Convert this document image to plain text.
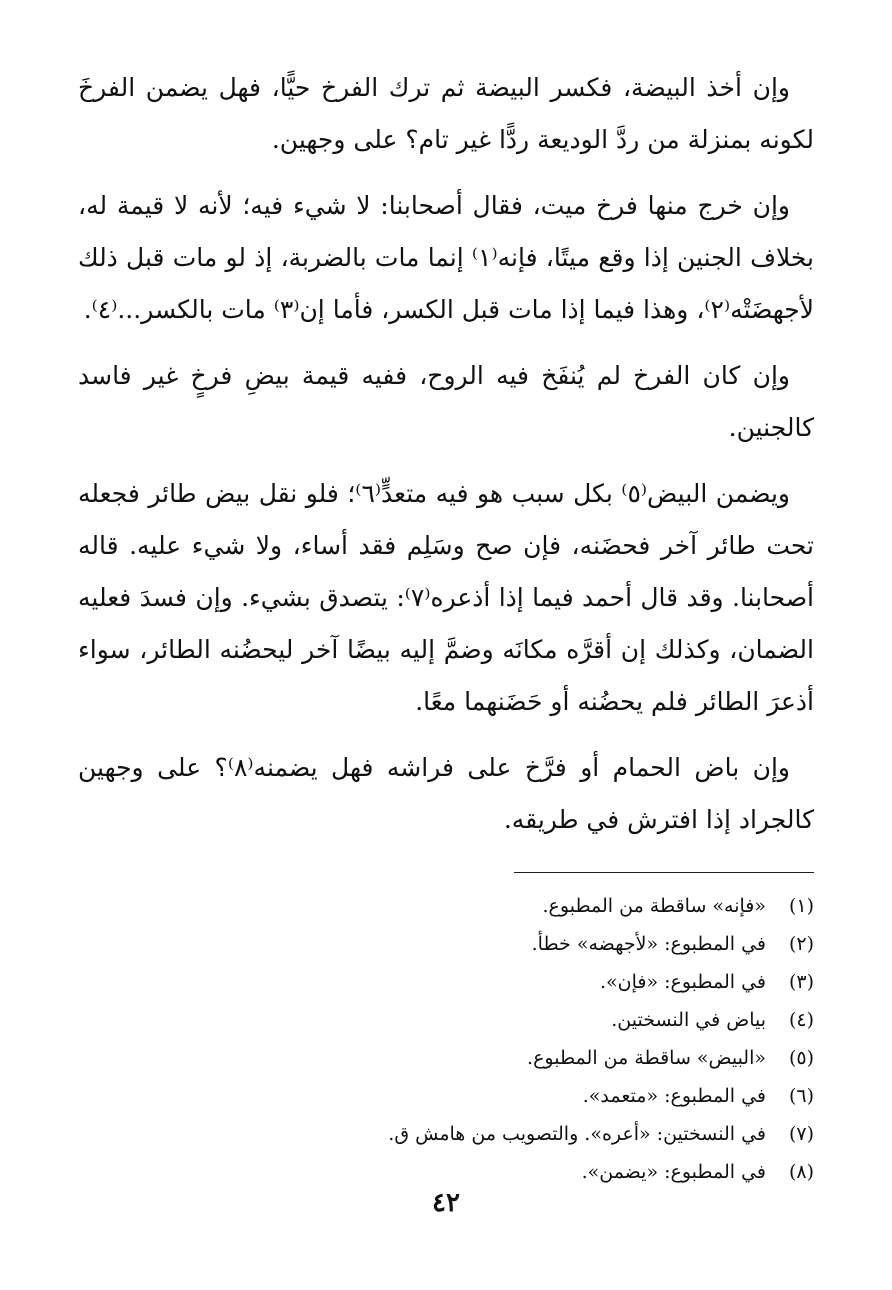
وإن أخذ البيضة، فكسر البيضة ثم ترك الفرخ حيًّا، فهل يضمن الفرخَ لكونه بمنزلة من ردَّ الوديعة ردًّا غير تام؟ على وجهين.

وإن خرج منها فرخ ميت، فقال أصحابنا: لا شيء فيه؛ لأنه لا قيمة له، بخلاف الجنين إذا وقع ميتًا، فإنه⁽١⁾ إنما مات بالضربة، إذ لو مات قبل ذلك لأجهضَتْه⁽٢⁾، وهذا فيما إذا مات قبل الكسر، فأما إن⁽٣⁾ مات بالكسر...⁽٤⁾.

وإن كان الفرخ لم يُنفَخ فيه الروح، ففيه قيمة بيضِ فرخٍ غير فاسد كالجنين.

ويضمن البيض⁽٥⁾ بكل سبب هو فيه متعدٍّ⁽٦⁾؛ فلو نقل بيض طائر فجعله تحت طائر آخر فحضَنه، فإن صح وسَلِم فقد أساء، ولا شيء عليه. قاله أصحابنا. وقد قال أحمد فيما إذا أذعره⁽٧⁾: يتصدق بشيء. وإن فسدَ فعليه الضمان، وكذلك إن أقرَّه مكانَه وضمَّ إليه بيضًا آخر ليحضُنه الطائر، سواء أذعرَ الطائر فلم يحضُنه أو حَضَنهما معًا.

وإن باض الحمام أو فرَّخ على فراشه فهل يضمنه⁽٨⁾؟ على وجهين كالجراد إذا افترش في طريقه.

(١)
«فإنه» ساقطة من المطبوع.
(٢)
في المطبوع: «لأجهضه» خطأ.
(٣)
في المطبوع: «فإن».
(٤)
بياض في النسختين.
(٥)
«البيض» ساقطة من المطبوع.
(٦)
في المطبوع: «متعمد».
(٧)
في النسختين: «أعره». والتصويب من هامش ق.
(٨)
في المطبوع: «يضمن».
٤٢
